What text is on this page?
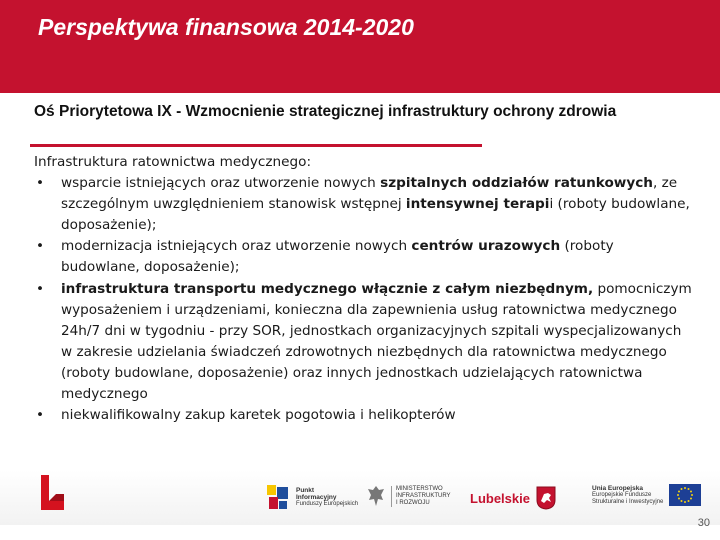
Perspektywa finansowa 2014-2020
Oś Priorytetowa IX - Wzmocnienie strategicznej infrastruktury ochrony zdrowia
Infrastruktura ratownictwa medycznego:
• wsparcie istniejących oraz utworzenie nowych szpitalnych oddziałów ratunkowych, ze szczególnym uwzględnieniem stanowisk wstępnej intensywnej terapii (roboty budowlane, doposażenie);
• modernizacja istniejących oraz utworzenie nowych centrów urazowych (roboty budowlane, doposażenie);
• infrastruktura transportu medycznego włącznie z całym niezbędnym, pomocniczym wyposażeniem i urządzeniami, konieczna dla zapewnienia usług ratownictwa medycznego 24h/7 dni w tygodniu - przy SOR, jednostkach organizacyjnych szpitali wyspecjalizowanych w zakresie udzielania świadczeń zdrowotnych niezbędnych dla ratownictwa medycznego (roboty budowlane, doposażenie) oraz innych jednostkach udzielających ratownictwa medycznego
• niekwalifikowalny zakup karetek pogotowia i helikopterów
Punkt
Informacyjny
Funduszy Europejskich
MINISTERSTWO
INFRASTRUKTURY
I ROZWOJU	Lubelskie
Unia Europejska
Europejskie Fundusze
Strukturalne i Inwestycyjne
30
